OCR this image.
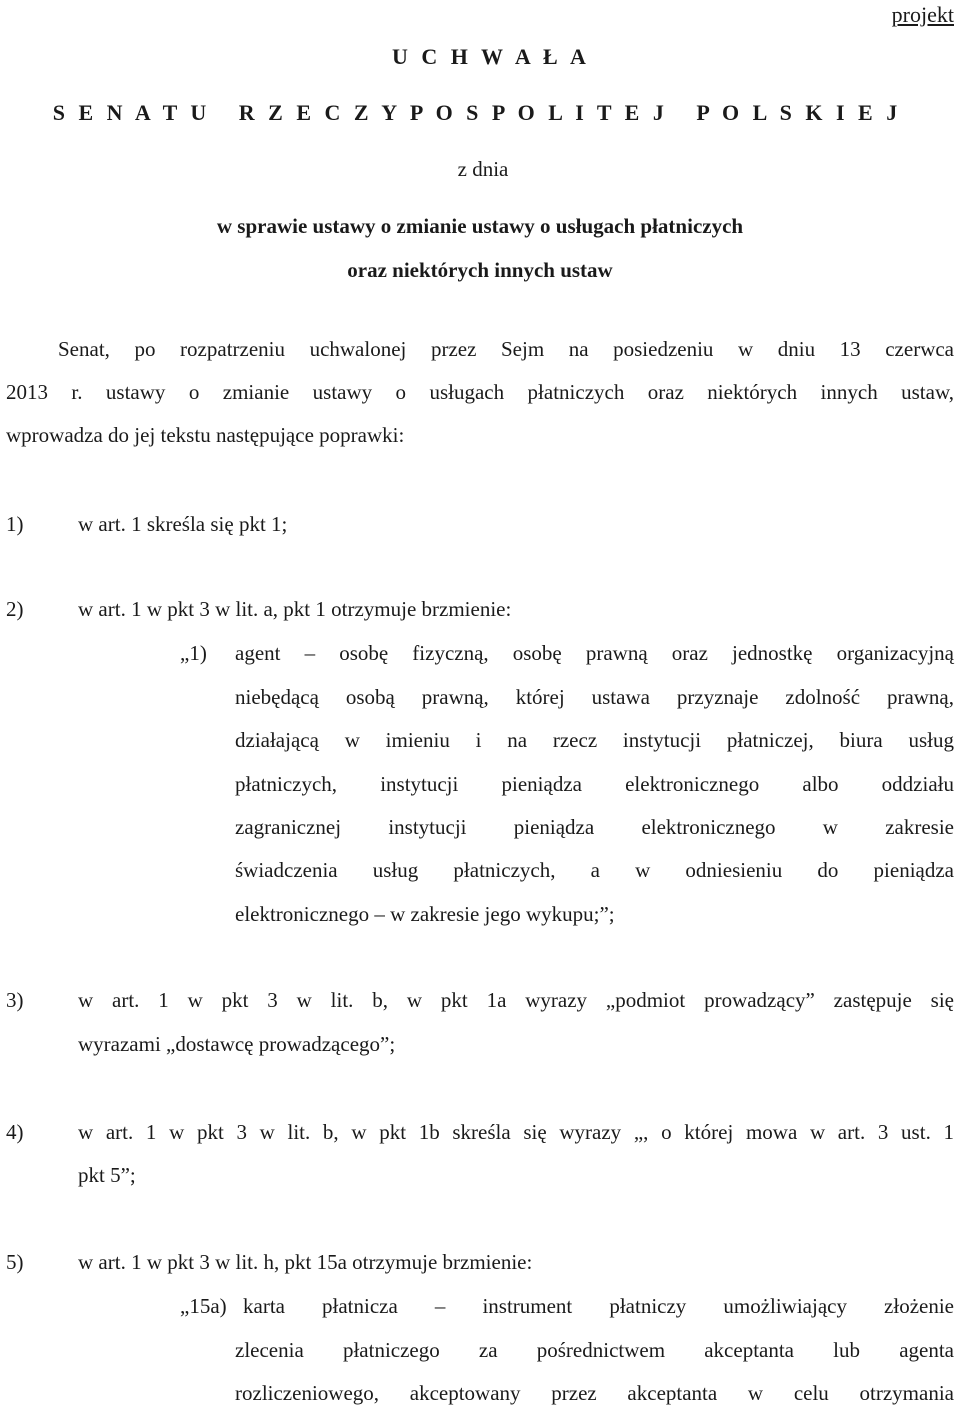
projekt
U C H W A Ł A
S E N A T U   R Z E C Z Y P O S P O L I T E J   P O L S K I E J
z dnia
w sprawie ustawy o zmianie ustawy o usługach płatniczych
oraz niektórych innych ustaw
Senat, po rozpatrzeniu uchwalonej przez Sejm na posiedzeniu w dniu 13 czerwca
2013 r. ustawy o zmianie ustawy o usługach płatniczych oraz niektórych innych ustaw,
wprowadza do jej tekstu następujące poprawki:
1)	w art. 1 skreśla się pkt 1;
2)	w art. 1 w pkt 3 w lit. a, pkt 1 otrzymuje brzmienie:
„1) agent – osobę fizyczną, osobę prawną oraz jednostkę organizacyjną
niebędącą osobą prawną, której ustawa przyznaje zdolność prawną,
działającą w imieniu i na rzecz instytucji płatniczej, biura usług
płatniczych, instytucji pieniądza elektronicznego albo oddziału
zagranicznej instytucji pieniądza elektronicznego w zakresie
świadczenia usług płatniczych, a w odniesieniu do pieniądza
elektronicznego – w zakresie jego wykupu;”;
3)	w art. 1 w pkt 3 w lit. b, w pkt 1a wyrazy „podmiot prowadzący” zastępuje się
wyrazami „dostawcę prowadzącego”;
4)	w art. 1 w pkt 3 w lit. b, w pkt 1b skreśla się wyrazy „, o której mowa w art. 3 ust. 1
pkt 5”;
5)	w art. 1 w pkt 3 w lit. h, pkt 15a otrzymuje brzmienie:
„15a) karta płatnicza – instrument płatniczy umożliwiający złożenie
zlecenia płatniczego za pośrednictwem akceptanta lub agenta
rozliczeniowego, akceptowany przez akceptanta w celu otrzymania
